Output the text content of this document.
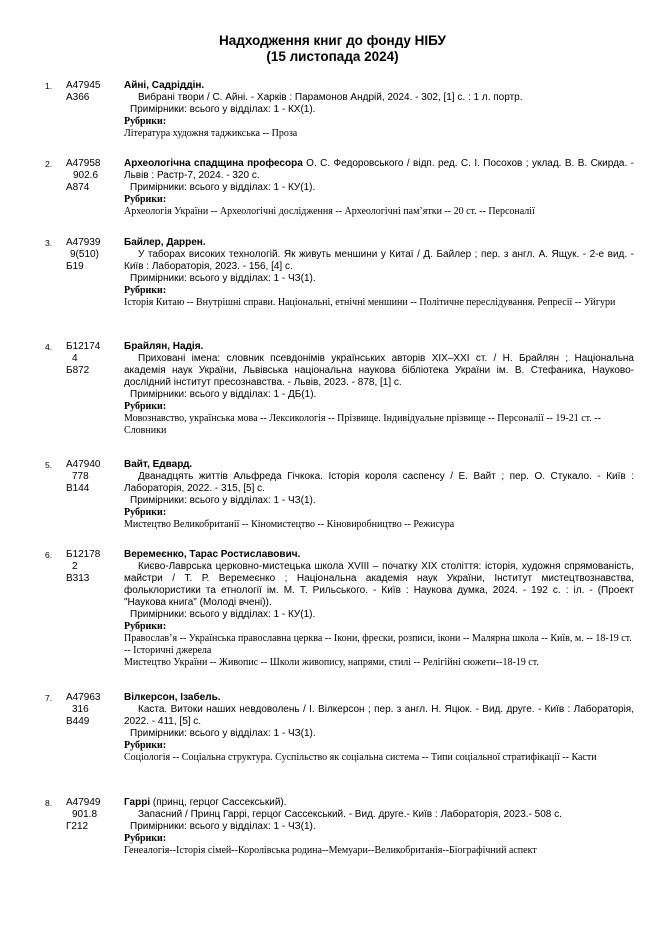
Надходження книг до фонду НІБУ
(15 листопада 2024)
1. A47945
A366
Айні, Садріддін.
Вибрані твори / С. Айні. - Харків : Парамонов Андрій, 2024. - 302, [1] с. : 1 л. портр.
Примірники: всього у відділах: 1 - КХ(1).
Рубрики:
Література художня таджикська -- Проза
2. A47958
902.6
A874
Археологічна спадщина професора О. С. Федоровського / відп. ред. С. І. Посохов ; уклад. В. В. Скирда. - Львів : Растр-7, 2024. - 320 с.
Примірники: всього у відділах: 1 - КУ(1).
Рубрики:
Археологія України -- Археологічні дослідження -- Археологічні пам’ятки -- 20 ст. -- Персоналії
3. A47939
9(510)
Б19
Байлер, Даррен.
У таборах високих технологій. Як живуть меншини у Китаї / Д. Байлер ; пер. з англ. А. Ящук. - 2-е вид. - Київ : Лабораторія, 2023. - 156, [4] с.
Примірники: всього у відділах: 1 - ЧЗ(1).
Рубрики:
Історія Китаю -- Внутрішні справи. Національні, етнічні меншини -- Політичне переслідування. Репресії -- Уйгури
4. Б12174
4
Б872
Брайлян, Надія.
Приховані імена: словник псевдонімів українських авторів XIX–XXI ст. / Н. Брайлян ; Національна академія наук України, Львівська національна наукова бібліотека України ім. В. Стефаника, Науково-дослідний інститут пресознавства. - Львів, 2023. - 878, [1] с.
Примірники: всього у відділах: 1 - ДБ(1).
Рубрики:
Мовознавство, українська мова -- Лексикологія -- Прізвище. Індивідуальне прізвище -- Персоналії -- 19-21 ст. -- Словники
5. A47940
778
B144
Вайт, Едвард.
Дванадцять життів Альфреда Гічкока. Історія короля саспенсу / Е. Вайт ; пер. О. Стукало. - Київ : Лабораторія, 2022. - 315, [5] с.
Примірники: всього у відділах: 1 - ЧЗ(1).
Рубрики:
Мистецтво Великобританії -- Кіномистецтво -- Кіновиробництво -- Режисура
6. Б12178
2
B313
Веремеєнко, Тарас Ростиславович.
Києво-Лаврська церковно-мистецька школа XVIII – початку XIX століття: історія, художня спрямованість, майстри / Т. Р. Веремеєнко ; Національна академія наук України, Інститут мистецтвознавства, фольклористики та етнології ім. М. Т. Рильського. - Київ : Наукова думка, 2024. - 192 с. : іл. - (Проект "Наукова книга" (Молоді вчені)).
Примірники: всього у відділах: 1 - КУ(1).
Рубрики:
Православ’я -- Українська православна церква -- Ікони, фрески, розписи, ікони -- Малярна школа -- Київ, м. -- 18-19 ст. -- Історичні джерела
Мистецтво України -- Живопис -- Школи живопису, напрями, стилі -- Релігійні сюжети--18-19 ст.
7. A47963
316
B449
Вілкерсон, Ізабель.
Каста. Витоки наших невдоволень / І. Вілкерсон ; пер. з англ. Н. Яцюк. - Вид. друге. - Київ : Лабораторія, 2022. - 411, [5] с.
Примірники: всього у відділах: 1 - ЧЗ(1).
Рубрики:
Соціологія -- Соціальна структура. Суспільство як соціальна система -- Типи соціальної стратифікації -- Касти
8. A47949
901.8
Г212
Гаррі (принц, герцог Сассекський).
Запасний / Принц Гаррі, герцог Сассекський. - Вид. друге.- Київ : Лабораторія, 2023.- 508 с.
Примірники: всього у відділах: 1 - ЧЗ(1).
Рубрики:
Генеалогія--Історія сімей--Королівська родина--Мемуари--Великобританія--Біографічний аспект
